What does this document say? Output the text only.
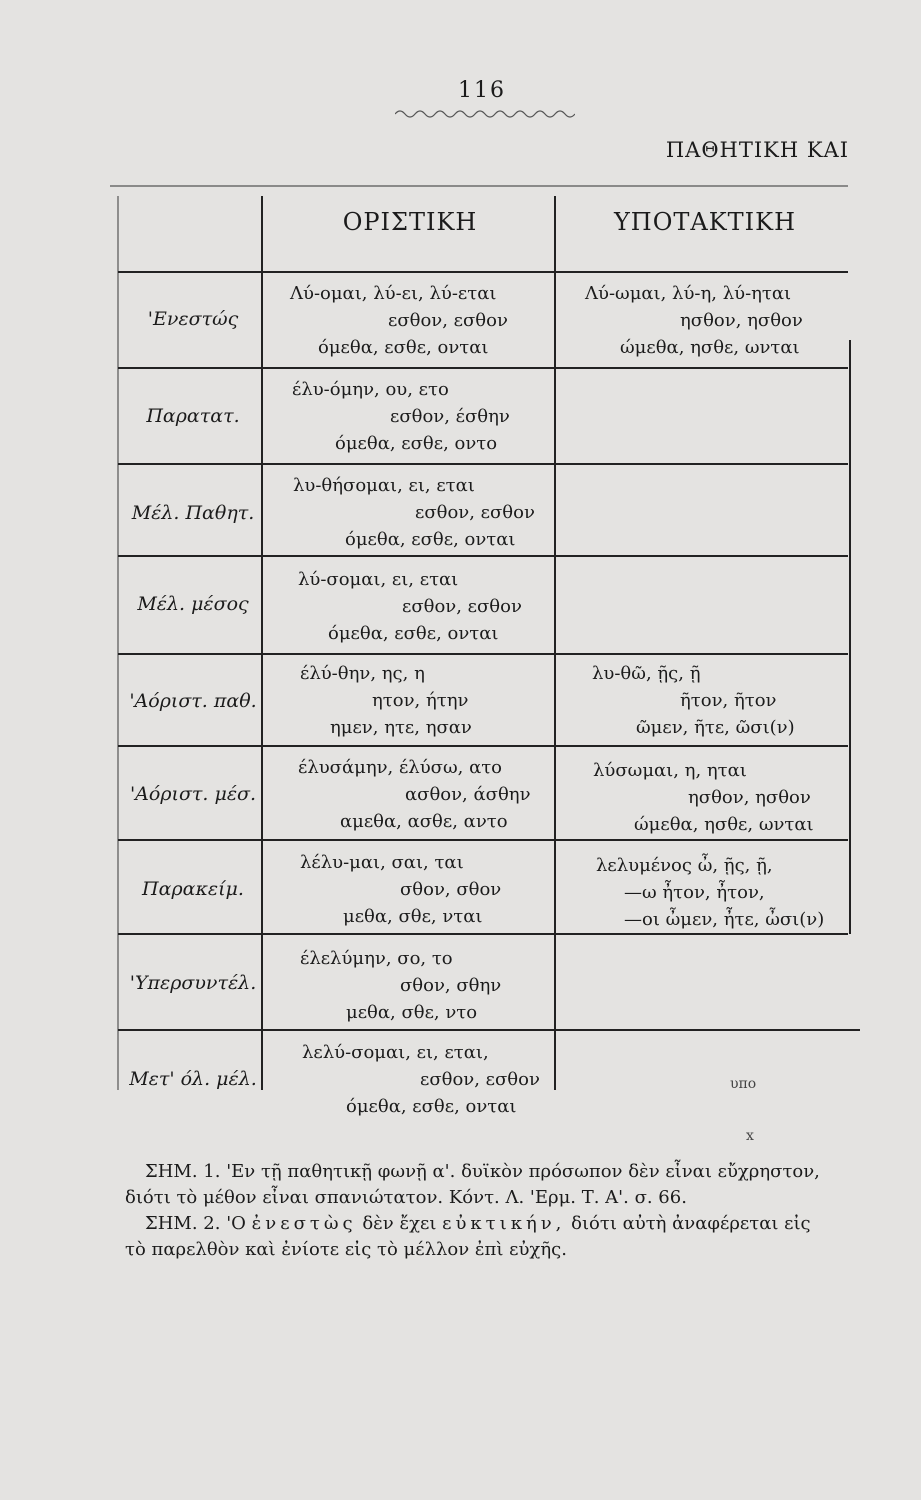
116
ΠΑΘΗΤΙΚΗ ΚΑΙ
ΟΡΙΣΤΙΚΗ	ΥΠΟΤΑΚΤΙΚΗ
'Ενεστώς
Λύ-ομαι, λύ-ει, λύ-εται
εσθον, εσθον
όμεθα, εσθε, ονται
Λύ-ωμαι, λύ-η, λύ-ηται
ησθον, ησθον
ώμεθα, ησθε, ωνται
Παρατατ.
έλυ-όμην, ου, ετο
εσθον, έσθην
όμεθα, εσθε, οντο
Μέλ. Παθητ.
λυ-θήσομαι, ει, εται
εσθον, εσθον
όμεθα, εσθε, ονται
Μέλ. μέσος
λύ-σομαι, ει, εται
εσθον, εσθον
όμεθα, εσθε, ονται
'Αόριστ. παθ.
έλύ-θην, ης, η
ητον, ήτην
ημεν, ητε, ησαν
λυ-θῶ, ῇς, ῇ
ῆτον, ῆτον
ῶμεν, ῆτε, ῶσι(ν)
'Αόριστ. μέσ.
έλυσάμην, έλύσω, ατο
ασθον, άσθην
αμεθα, ασθε, αντο
λύσωμαι, η, ηται
ησθον, ησθον
ώμεθα, ησθε, ωνται
Παρακείμ.
λέλυ-μαι, σαι, ται
σθον, σθον
μεθα, σθε, νται
λελυμένος ὦ, ῇς, ῇ,
—ω ἦτον, ἦτον,
—οι ὦμεν, ἦτε, ὦσι(ν)
'Υπερσυντέλ.
έλελύμην, σο, το
σθον, σθην
μεθα, σθε, ντο
Μετ' όλ. μέλ.
λελύ-σομαι, ει, εται,
εσθον, εσθον
όμεθα, εσθε, ονται
υπο
x
ΣΗΜ. 1. 'Εν τῇ παθητικῇ φωνῇ α'. δυϊκὸν πρόσωπον δὲν εἶναι εὔχρηστον,
διότι τὸ μέθον εἶναι σπανιώτατον. Κόντ. Λ. 'Ερμ. Τ. Α'. σ. 66.
ΣΗΜ. 2. 'Ο ἐνεστὼς δὲν ἔχει εὐκτικήν, διότι αὐτὴ ἀναφέρεται εἰς
τὸ παρελθὸν καὶ ἐνίοτε εἰς τὸ μέλλον ἐπὶ εὐχῆς.
